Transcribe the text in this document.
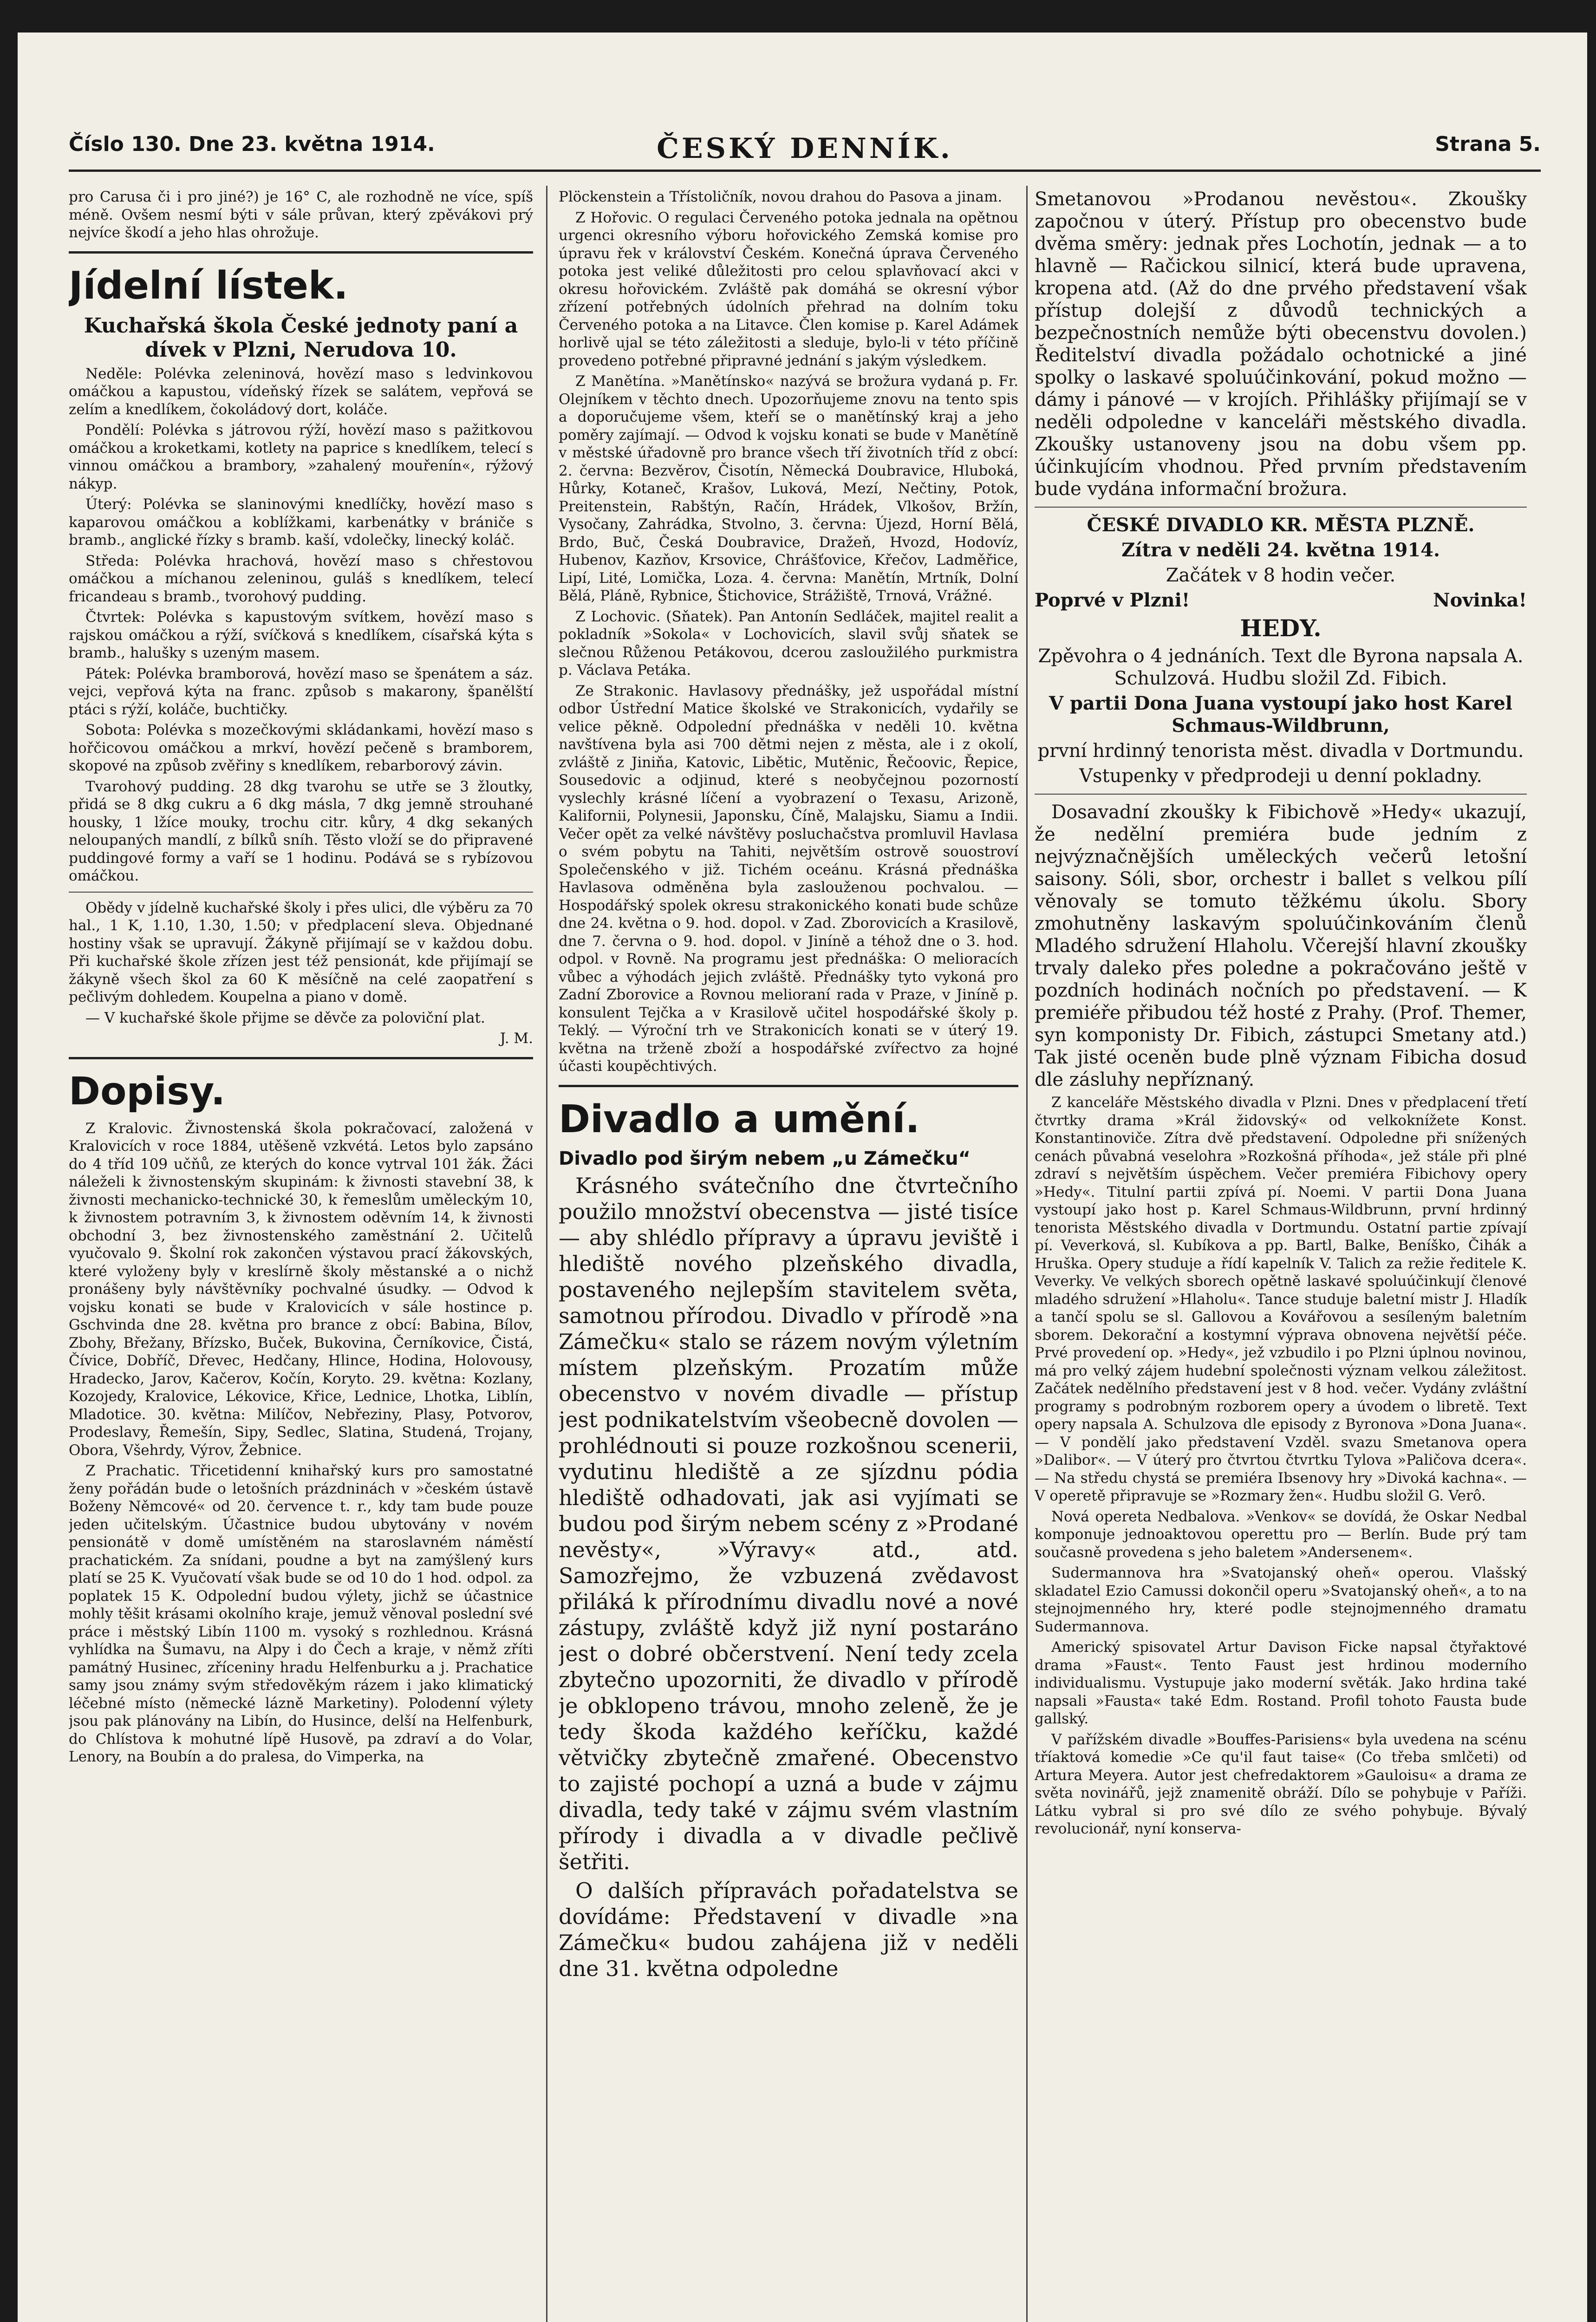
Číslo 130. Dne 23. května 1914.	ČESKÝ DENNÍK.	Strana 5.

pro Carusa či i pro jiné?) je 16° C, ale rozhodně ne více, spíš méně. Ovšem nesmí býti v sále průvan, který zpěvákovi prý nejvíce škodí a jeho hlas ohrožuje.

Jídelní lístek.

Kuchařská škola České jednoty paní a dívek v Plzni, Nerudova 10.

Neděle: Polévka zeleninová, hovězí maso s ledvinkovou omáčkou a kapustou, vídeňský řízek se salátem, vepřová se zelím a knedlíkem, čokoládový dort, koláče.

Pondělí: Polévka s játrovou rýží, hovězí maso s pažitkovou omáčkou a kroketkami, kotlety na paprice s knedlíkem, telecí s vinnou omáčkou a brambory, »zahalený mouřenín«, rýžový nákyp.

Úterý: Polévka se slaninovými knedlíčky, hovězí maso s kaparovou omáčkou a koblížkami, karbenátky v brániče s bramb., anglické řízky s bramb. kaší, vdolečky, linecký koláč.

Středa: Polévka hrachová, hovězí maso s chřestovou omáčkou a míchanou zeleninou, guláš s knedlíkem, telecí fricandeau s bramb., tvorohový pudding.

Čtvrtek: Polévka s kapustovým svítkem, hovězí maso s rajskou omáčkou a rýží, svíčková s knedlíkem, císařská kýta s bramb., halušky s uzeným masem.

Pátek: Polévka bramborová, hovězí maso se špenátem a sáz. vejci, vepřová kýta na franc. způsob s makarony, španělští ptáci s rýží, koláče, buchtičky.

Sobota: Polévka s mozečkovými skládankami, hovězí maso s hořčicovou omáčkou a mrkví, hovězí pečeně s bramborem, skopové na způsob zvěřiny s knedlíkem, rebarborový závin.

Tvarohový pudding. 28 dkg tvarohu se utře se 3 žloutky, přidá se 8 dkg cukru a 6 dkg másla, 7 dkg jemně strouhané housky, 1 lžíce mouky, trochu citr. kůry, 4 dkg sekaných neloupaných mandlí, z bílků sníh. Těsto vloží se do připravené puddingové formy a vaří se 1 hodinu. Podává se s rybízovou omáčkou.

Obědy v jídelně kuchařské školy i přes ulici, dle výběru za 70 hal., 1 K, 1.10, 1.30, 1.50; v předplacení sleva. Objednané hostiny však se upravují. Žákyně přijímají se v každou dobu. Při kuchařské škole zřízen jest též pensionát, kde přijímají se žákyně všech škol za 60 K měsíčně na celé zaopatření s pečlivým dohledem. Koupelna a piano v domě.

— V kuchařské škole přijme se děvče za poloviční plat.

J. M.

Dopisy.

Z Kralovic. Živnostenská škola pokračovací, založená v Kralovicích v roce 1884, utěšeně vzkvétá. Letos bylo zapsáno do 4 tříd 109 učňů, ze kterých do konce vytrval 101 žák. Žáci náleželi k živnostenským skupinám: k živnosti stavební 38, k živnosti mechanicko-technické 30, k řemeslům uměleckým 10, k živnostem potravním 3, k živnostem oděvním 14, k živnosti obchodní 3, bez živnostenského zaměstnání 2. Učitelů vyučovalo 9. Školní rok zakončen výstavou prací žákovských, které vyloženy byly v kreslírně školy městanské a o nichž pronášeny byly návštěvníky pochvalné úsudky. — Odvod k vojsku konati se bude v Kralovicích v sále hostince p. Gschvinda dne 28. května pro brance z obcí: Babina, Bílov, Zbohy, Břežany, Břízsko, Buček, Bukovina, Černíkovice, Čistá, Čívice, Dobříč, Dřevec, Hedčany, Hlince, Hodina, Holovousy, Hradecko, Jarov, Kačerov, Kočín, Koryto. 29. května: Kozlany, Kozojedy, Kralovice, Lékovice, Křice, Lednice, Lhotka, Liblín, Mladotice. 30. května: Milíčov, Nebřeziny, Plasy, Potvorov, Prodeslavy, Řemešín, Sipy, Sedlec, Slatina, Studená, Trojany, Obora, Všehrdy, Výrov, Žebnice.

Z Prachatic. Třicetidenní knihařský kurs pro samostatné ženy pořádán bude o letošních prázdninách v »českém ústavě Boženy Němcové« od 20. července t. r., kdy tam bude pouze jeden učitelským. Účastnice budou ubytovány v novém pensionátě v domě umístěném na staroslavném náměstí prachatickém. Za snídani, poudne a byt na zamýšlený kurs platí se 25 K. Vyučovatí však bude se od 10 do 1 hod. odpol. za poplatek 15 K. Odpolední budou výlety, jichž se účastnice mohly těšit krásami okolního kraje, jemuž věnoval poslední své práce i městský Libín 1100 m. vysoký s rozhlednou. Krásná vyhlídka na Šumavu, na Alpy i do Čech a kraje, v němž zříti památný Husinec, zříceniny hradu Helfenburku a j. Prachatice samy jsou známy svým středověkým rázem i jako klimatický léčebné místo (německé lázně Marketiny). Polodenní výlety jsou pak plánovány na Libín, do Husince, delší na Helfenburk, do Chlístova k mohutné lípě Husově, pa zdraví a do Volar, Lenory, na Boubín a do pralesa, do Vimperka, na

Plöckenstein a Třístoličník, novou drahou do Pasova a jinam.

Z Hořovic. O regulaci Červeného potoka jednala na opětnou urgenci okresního výboru hořovického Zemská komise pro úpravu řek v království Českém. Konečná úprava Červeného potoka jest veliké důležitosti pro celou splavňovací akci v okresu hořovickém. Zvláště pak domáhá se okresní výbor zřízení potřebných údolních přehrad na dolním toku Červeného potoka a na Litavce. Člen komise p. Karel Adámek horlivě ujal se této záležitosti a sleduje, bylo-li v této příčině provedeno potřebné připravné jednání s jakým výsledkem.

Z Manětína. »Manětínsko« nazývá se brožura vydaná p. Fr. Olejníkem v těchto dnech. Upozorňujeme znovu na tento spis a doporučujeme všem, kteří se o manětínský kraj a jeho poměry zajímají. — Odvod k vojsku konati se bude v Manětíně v městské úřadovně pro brance všech tří životních tříd z obcí: 2. června: Bezvěrov, Čisotín, Německá Doubravice, Hluboká, Hůrky, Kotaneč, Krašov, Luková, Mezí, Nečtiny, Potok, Preitenstein, Rabštýn, Račín, Hrádek, Vlkošov, Bržín, Vysočany, Zahrádka, Stvolno, 3. června: Újezd, Horní Bělá, Brdo, Buč, Česká Doubravice, Dražeň, Hvozd, Hodovíz, Hubenov, Kazňov, Krsovice, Chrášťovice, Křečov, Ladměřice, Lipí, Lité, Lomička, Loza. 4. června: Manětín, Mrtník, Dolní Bělá, Pláně, Rybnice, Štichovice, Strážiště, Trnová, Vrážné.

Z Lochovic. (Sňatek). Pan Antonín Sedláček, majitel realit a pokladník »Sokola« v Lochovicích, slavil svůj sňatek se slečnou Růženou Petákovou, dcerou zasloužilého purkmistra p. Václava Petáka.

Ze Strakonic. Havlasovy přednášky, jež uspořádal místní odbor Ústřední Matice školské ve Strakonicích, vydařily se velice pěkně. Odpolední přednáška v neděli 10. května navštívena byla asi 700 dětmi nejen z města, ale i z okolí, zvláště z Jiniňa, Katovic, Libětic, Mutěnic, Řečoovic, Řepice, Sousedovic a odjinud, které s neobyčejnou pozorností vyslechly krásné líčení a vyobrazení o Texasu, Arizoně, Kalifornii, Polynesii, Japonsku, Číně, Malajsku, Siamu a Indii. Večer opět za velké návštěvy posluchačstva promluvil Havlasa o svém pobytu na Tahiti, největším ostrově souostroví Společenského v již. Tichém oceánu. Krásná přednáška Havlasova odměněna byla zaslouženou pochvalou. — Hospodářský spolek okresu strakonického konati bude schůze dne 24. května o 9. hod. dopol. v Zad. Zborovicích a Krasilově, dne 7. června o 9. hod. dopol. v Jiníně a téhož dne o 3. hod. odpol. v Rovně. Na programu jest přednáška: O melioracích vůbec a výhodách jejich zvláště. Přednášky tyto vykoná pro Zadní Zborovice a Rovnou melioraní rada v Praze, v Jiníně p. konsulent Tejčka a v Krasilově učitel hospodářské školy p. Teklý. — Výroční trh ve Strakonicích konati se v úterý 19. května na trženě zboží a hospodářské zvířectvo za hojné účasti koupěchtivých.

Divadlo a umění.

Divadlo pod širým nebem „u Zámečku“

Krásného svátečního dne čtvrtečního použilo množství obecenstva — jisté tisíce — aby shlédlo přípravy a úpravu jeviště i hlediště nového plzeňského divadla, postaveného nejlepším stavitelem světa, samotnou přírodou. Divadlo v přírodě »na Zámečku« stalo se rázem novým výletním místem plzeňským. Prozatím může obecenstvo v novém divadle — přístup jest podnikatelstvím všeobecně dovolen — prohlédnouti si pouze rozkošnou scenerii, vydutinu hlediště a ze sjízdnu pódia hlediště odhadovati, jak asi vyjímati se budou pod širým nebem scény z »Prodané nevěsty«, »Výravy« atd., atd. Samozřejmo, že vzbuzená zvědavost přiláká k přírodnímu divadlu nové a nové zástupy, zvláště když již nyní postaráno jest o dobré občerstvení. Není tedy zcela zbytečno upozorniti, že divadlo v přírodě je obklopeno trávou, mnoho zeleně, že je tedy škoda každého keříčku, každé větvičky zbytečně zmařené. Obecenstvo to zajisté pochopí a uzná a bude v zájmu divadla, tedy také v zájmu svém vlastním přírody i divadla a v divadle pečlivě šetřiti.

O dalších přípravách pořadatelstva se dovídáme: Představení v divadle »na Zámečku« budou zahájena již v neděli dne 31. května odpoledne

Smetanovou »Prodanou nevěstou«. Zkoušky započnou v úterý. Přístup pro obecenstvo bude dvěma směry: jednak přes Lochotín, jednak — a to hlavně — Račickou silnicí, která bude upravena, kropena atd. (Až do dne prvého představení však přístup dolejší z důvodů technických a bezpečnostních nemůže býti obecenstvu dovolen.) Ředitelství divadla požádalo ochotnické a jiné spolky o laskavé spoluúčinkování, pokud možno — dámy i pánové — v krojích. Přihlášky přijímají se v neděli odpoledne v kanceláři městského divadla. Zkoušky ustanoveny jsou na dobu všem pp. účinkujícím vhodnou. Před prvním představením bude vydána informační brožura.

ČESKÉ DIVADLO KR. MĚSTA PLZNĚ.

Zítra v neděli 24. května 1914.

Začátek v 8 hodin večer.

Poprvé v Plzni!	Novinka!

HEDY.

Zpěvohra o 4 jednáních. Text dle Byrona napsala A. Schulzová. Hudbu složil Zd. Fibich.

V partii Dona Juana vystoupí jako host Karel Schmaus-Wildbrunn,

první hrdinný tenorista měst. divadla v Dortmundu.

Vstupenky v předprodeji u denní pokladny.

Dosavadní zkoušky k Fibichově »Hedy« ukazují, že nedělní premiéra bude jedním z nejvýznačnějších uměleckých večerů letošní saisony. Sóli, sbor, orchestr i ballet s velkou pílí věnovaly se tomuto těžkému úkolu. Sbory zmohutněny laskavým spoluúčinkováním členů Mladého sdružení Hlaholu. Včerejší hlavní zkoušky trvaly daleko přes poledne a pokračováno ještě v pozdních hodinách nočních po představení. — K premiéře přibudou též hosté z Prahy. (Prof. Themer, syn komponisty Dr. Fibich, zástupci Smetany atd.) Tak jisté oceněn bude plně význam Fibicha dosud dle zásluhy nepříznaný.

Z kanceláře Městského divadla v Plzni. Dnes v předplacení třetí čtvrtky drama »Král židovský« od velkoknížete Konst. Konstantinoviče. Zítra dvě představení. Odpoledne při snížených cenách půvabná veselohra »Rozkošná příhoda«, jež stále při plné zdraví s největším úspěchem. Večer premiéra Fibichovy opery »Hedy«. Titulní partii zpívá pí. Noemi. V partii Dona Juana vystoupí jako host p. Karel Schmaus-Wildbrunn, první hrdinný tenorista Městského divadla v Dortmundu. Ostatní partie zpívají pí. Veverková, sl. Kubíkova a pp. Bartl, Balke, Beníško, Čihák a Hruška. Opery studuje a řídí kapelník V. Talich za režie ředitele K. Veverky. Ve velkých sborech opětně laskavé spoluúčinkují členové mladého sdružení »Hlaholu«. Tance studuje baletní mistr J. Hladík a tančí spolu se sl. Gallovou a Kovářovou a sesíleným baletním sborem. Dekorační a kostymní výprava obnovena největší péče. Prvé provedení op. »Hedy«, jež vzbudilo i po Plzni úplnou novinou, má pro velký zájem hudební společnosti význam velkou záležitost. Začátek nedělního představení jest v 8 hod. večer. Vydány zvláštní programy s podrobným rozborem opery a úvodem o libretě. Text opery napsala A. Schulzova dle episody z Byronova »Dona Juana«. — V pondělí jako představení Vzděl. svazu Smetanova opera »Dalibor«. — V úterý pro čtvrtou čtvrtku Tylova »Paličova dcera«. — Na středu chystá se premiéra Ibsenovy hry »Divoká kachna«. — V operetě připravuje se »Rozmary žen«. Hudbu složil G. Verô.

Nová opereta Nedbalova. »Venkov« se dovídá, že Oskar Nedbal komponuje jednoaktovou operettu pro — Berlín. Bude prý tam současně provedena s jeho baletem »Andersenem«.

Sudermannova hra »Svatojanský oheň« operou. Vlašský skladatel Ezio Camussi dokončil operu »Svatojanský oheň«, a to na stejnojmenného hry, které podle stejnojmenného dramatu Sudermannova.

Americký spisovatel Artur Davison Ficke napsal čtyřaktové drama »Faust«. Tento Faust jest hrdinou moderního individualismu. Vystupuje jako moderní světák. Jako hrdina také napsali »Fausta« také Edm. Rostand. Profil tohoto Fausta bude gallský.

V pařížském divadle »Bouffes-Parisiens« byla uvedena na scénu tříaktová komedie »Ce qu'il faut taise« (Co třeba smlčeti) od Artura Meyera. Autor jest chefredaktorem »Gauloisu« a drama ze světa novinářů, jejž znamenitě obráží. Dílo se pohybuje v Paříži. Látku vybral si pro své dílo ze svého pohybuje. Bývalý revolucionář, nyní konserva-
